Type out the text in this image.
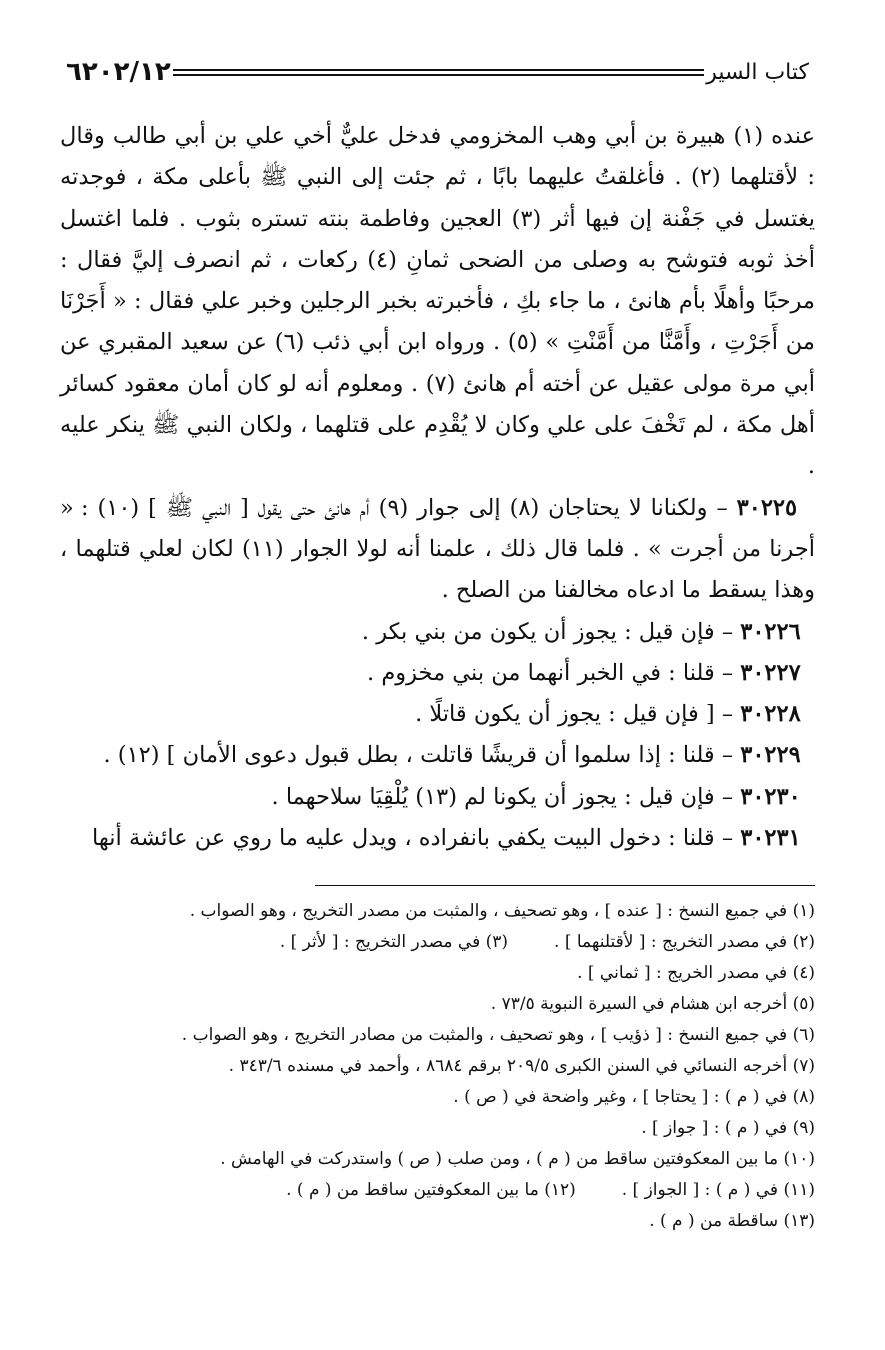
كتاب السير
٦٢٠٢/١٢

عنده (١) هبيرة بن أبي وهب المخزومي فدخل عليٌّ أخي علي بن أبي طالب وقال : لأقتلهما (٢) . فأغلقتُ عليهما بابًا ، ثم جئت إلى النبي ﷺ بأعلى مكة ، فوجدته يغتسل في جَفْنة إن فيها أثر (٣) العجين وفاطمة بنته تستره بثوب . فلما اغتسل أخذ ثوبه فتوشح به وصلى من الضحى ثمانِ (٤) ركعات ، ثم انصرف إليَّ فقال : مرحبًا وأهلًا بأم هانئ ، ما جاء بكِ ، فأخبرته بخبر الرجلين وخبر علي فقال : « أَجَرْنَا من أَجَرْتِ ، وأَمَّنَّا من أَمَّنْتِ » (٥) . ورواه ابن أبي ذئب (٦) عن سعيد المقبري عن أبي مرة مولى عقيل عن أخته أم هانئ (٧) . ومعلوم أنه لو كان أمان معقود كسائر أهل مكة ، لم تَخْفَ على علي وكان لا يُقْدِم على قتلهما ، ولكان النبي ﷺ ينكر عليه .

٣٠٢٢٥ – ولكنانا لا يحتاجان (٨) إلى جوار (٩) أم هانئ حتى يقول [ النبي ﷺ ] (١٠) : « أجرنا من أجرت » . فلما قال ذلك ، علمنا أنه لولا الجوار (١١) لكان لعلي قتلهما ، وهذا يسقط ما ادعاه مخالفنا من الصلح .

٣٠٢٢٦ – فإن قيل : يجوز أن يكون من بني بكر .

٣٠٢٢٧ – قلنا : في الخبر أنهما من بني مخزوم .

٣٠٢٢٨ – [ فإن قيل : يجوز أن يكون قاتلًا .

٣٠٢٢٩ – قلنا : إذا سلموا أن قريشًا قاتلت ، بطل قبول دعوى الأمان ] (١٢) .

٣٠٢٣٠ – فإن قيل : يجوز أن يكونا لم (١٣) يُلْقِيَا سلاحهما .

٣٠٢٣١ – قلنا : دخول البيت يكفي بانفراده ، ويدل عليه ما روي عن عائشة أنها

(١) في جميع النسخ : [ عنده ] ، وهو تصحيف ، والمثبت من مصدر التخريج ، وهو الصواب .
(٢) في مصدر التخريج : [ لأقتلنهما ] .
(٣) في مصدر التخريج : [ لأثر ] .
(٤) في مصدر الخريج : [ ثماني ] .
(٥) أخرجه ابن هشام في السيرة النبوية ٧٣/٥ .
(٦) في جميع النسخ : [ ذؤيب ] ، وهو تصحيف ، والمثبت من مصادر التخريج ، وهو الصواب .
(٧) أخرجه النسائي في السنن الكبرى ٢٠٩/٥ برقم ٨٦٨٤ ، وأحمد في مسنده ٣٤٣/٦ .
(٨) في ( م ) : [ يحتاجا ] ، وغير واضحة في ( ص ) .
(٩) في ( م ) : [ جواز ] .
(١٠) ما بين المعكوفتين ساقط من ( م ) ، ومن صلب ( ص ) واستدركت في الهامش .
(١١) في ( م ) : [ الجواز ] .
(١٢) ما بين المعكوفتين ساقط من ( م ) .
(١٣) ساقطة من ( م ) .
